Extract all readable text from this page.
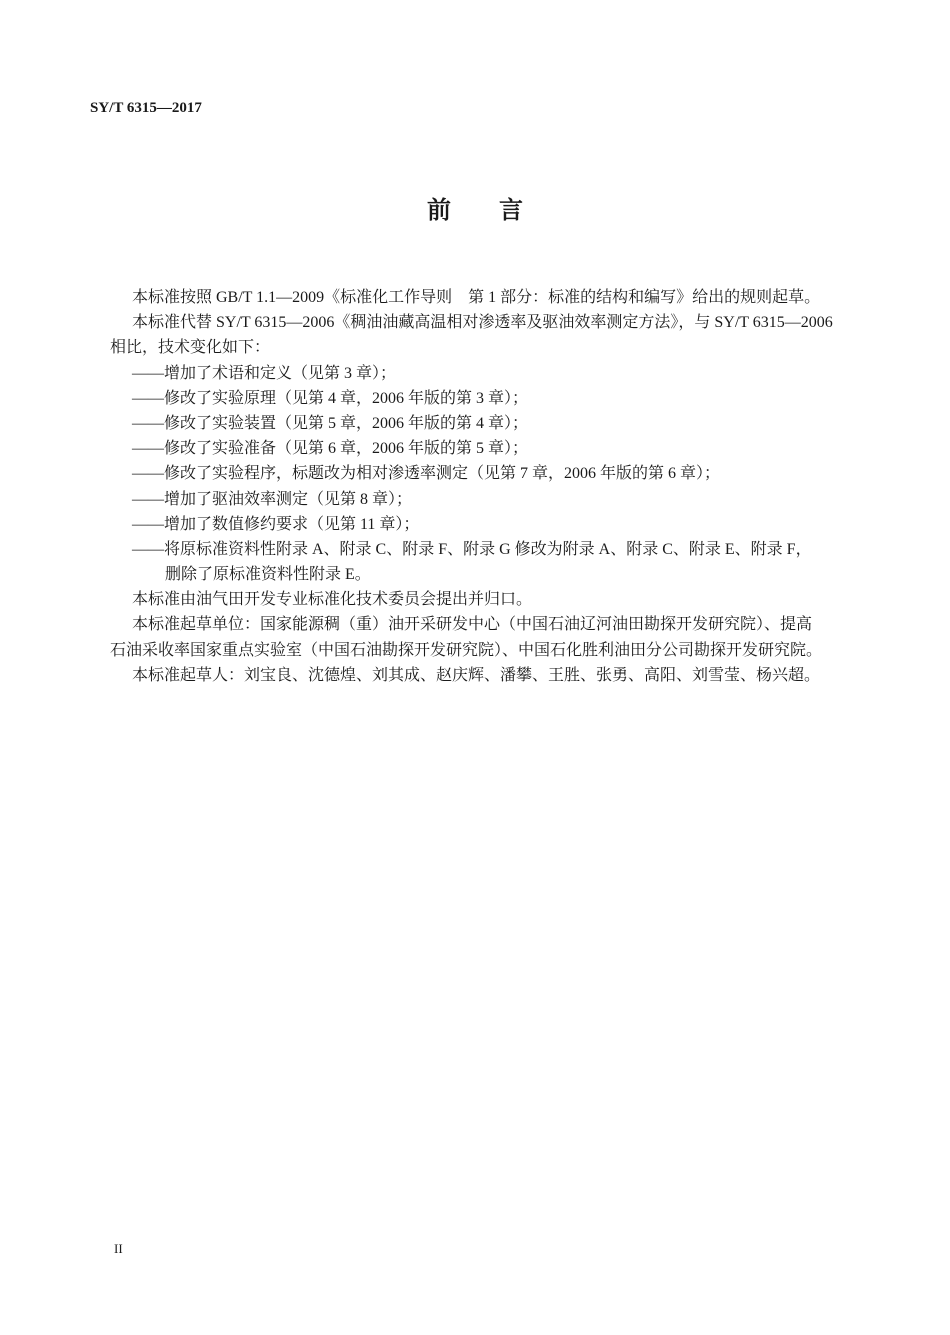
SY/T 6315—2017
前言
本标准按照 GB/T 1.1—2009《标准化工作导则　第 1 部分：标准的结构和编写》给出的规则起草。
本标准代替 SY/T 6315—2006《稠油油藏高温相对渗透率及驱油效率测定方法》，与 SY/T 6315—2006
相比，技术变化如下：
——增加了术语和定义（见第 3 章）；
——修改了实验原理（见第 4 章，2006 年版的第 3 章）；
——修改了实验装置（见第 5 章，2006 年版的第 4 章）；
——修改了实验准备（见第 6 章，2006 年版的第 5 章）；
——修改了实验程序，标题改为相对渗透率测定（见第 7 章，2006 年版的第 6 章）；
——增加了驱油效率测定（见第 8 章）；
——增加了数值修约要求（见第 11 章）；
——将原标准资料性附录 A、附录 C、附录 F、附录 G 修改为附录 A、附录 C、附录 E、附录 F，
删除了原标准资料性附录 E。
本标准由油气田开发专业标准化技术委员会提出并归口。
本标准起草单位：国家能源稠（重）油开采研发中心（中国石油辽河油田勘探开发研究院）、提高
石油采收率国家重点实验室（中国石油勘探开发研究院）、中国石化胜利油田分公司勘探开发研究院。
本标准起草人：刘宝良、沈德煌、刘其成、赵庆辉、潘攀、王胜、张勇、高阳、刘雪莹、杨兴超。
II
